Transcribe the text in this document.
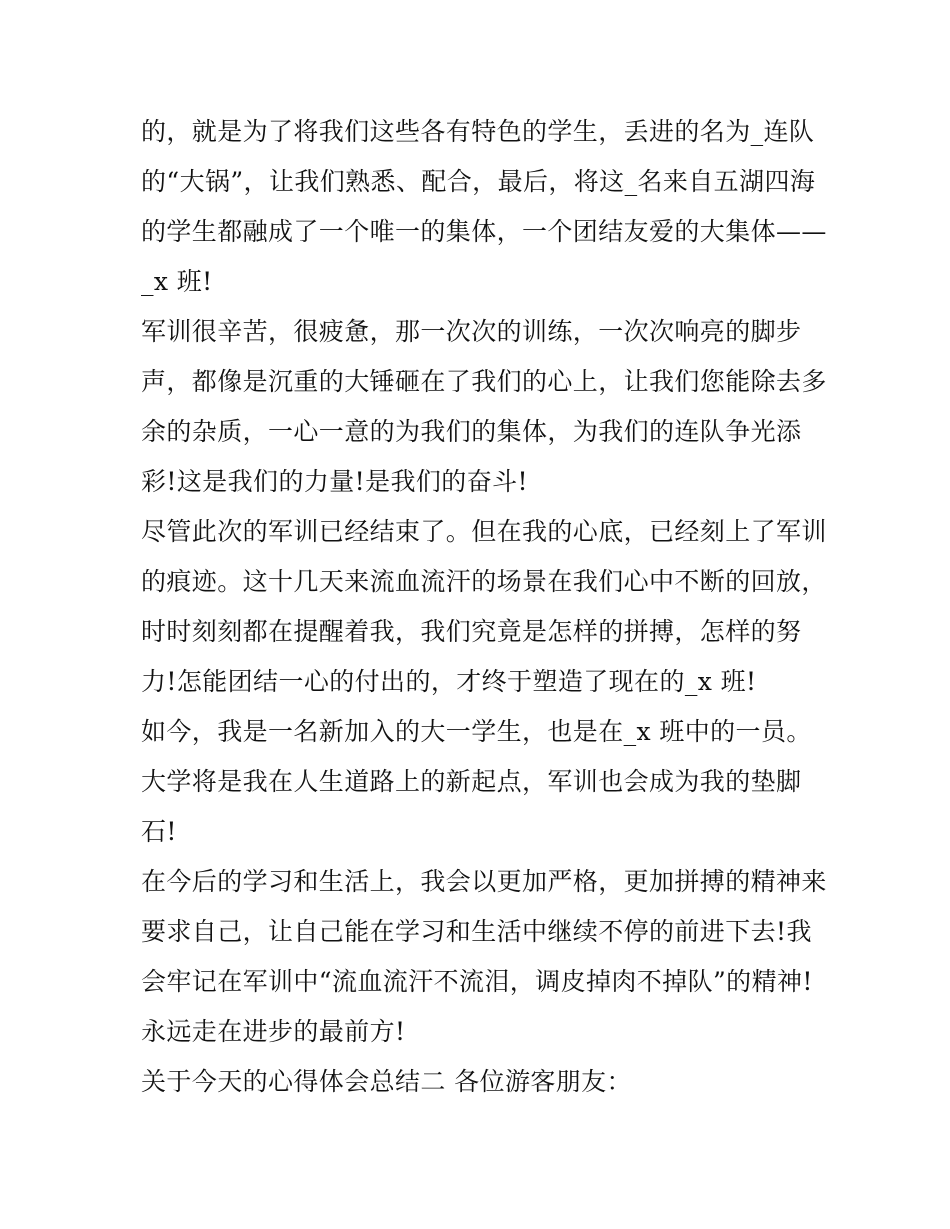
的，就是为了将我们这些各有特色的学生，丢进的名为_连队
的“大锅”，让我们熟悉、配合，最后，将这_名来自五湖四海
的学生都融成了一个唯一的集体，一个团结友爱的大集体——
_x 班!
军训很辛苦，很疲惫，那一次次的训练，一次次响亮的脚步
声，都像是沉重的大锤砸在了我们的心上，让我们您能除去多
余的杂质，一心一意的为我们的集体，为我们的连队争光添
彩!这是我们的力量!是我们的奋斗!
尽管此次的军训已经结束了。但在我的心底，已经刻上了军训
的痕迹。这十几天来流血流汗的场景在我们心中不断的回放，
时时刻刻都在提醒着我，我们究竟是怎样的拼搏，怎样的努
力!怎能团结一心的付出的，才终于塑造了现在的_x 班!
如今，我是一名新加入的大一学生，也是在_x 班中的一员。
大学将是我在人生道路上的新起点，军训也会成为我的垫脚
石!
在今后的学习和生活上，我会以更加严格，更加拼搏的精神来
要求自己，让自己能在学习和生活中继续不停的前进下去!我
会牢记在军训中“流血流汗不流泪，调皮掉肉不掉队”的精神!
永远走在进步的最前方!
关于今天的心得体会总结二 各位游客朋友：
